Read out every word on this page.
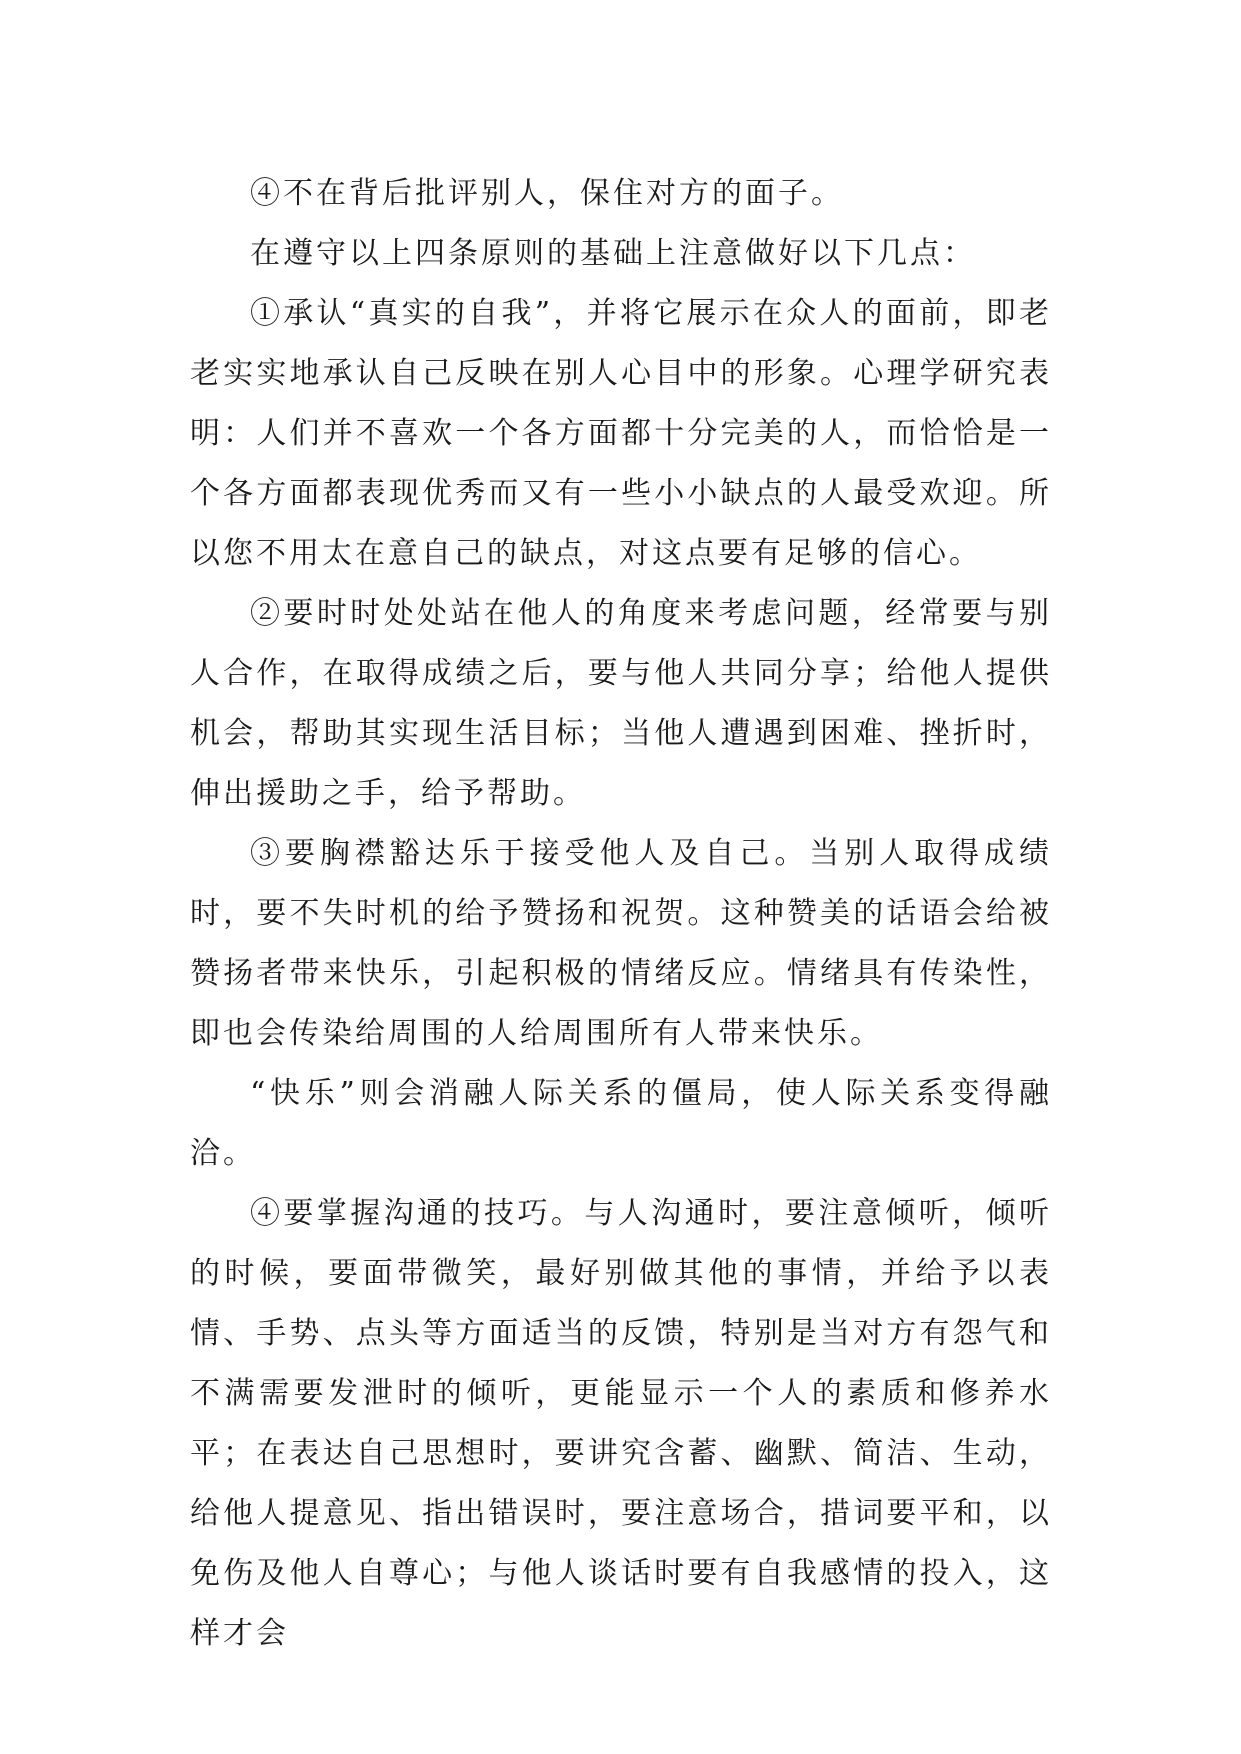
④不在背后批评别人，保住对方的面子。

在遵守以上四条原则的基础上注意做好以下几点：

①承认“真实的自我”，并将它展示在众人的面前，即老老实实地承认自己反映在别人心目中的形象。心理学研究表明：人们并不喜欢一个各方面都十分完美的人，而恰恰是一个各方面都表现优秀而又有一些小小缺点的人最受欢迎。所以您不用太在意自己的缺点，对这点要有足够的信心。

②要时时处处站在他人的角度来考虑问题，经常要与别人合作，在取得成绩之后，要与他人共同分享；给他人提供机会，帮助其实现生活目标；当他人遭遇到困难、挫折时，伸出援助之手，给予帮助。

③要胸襟豁达乐于接受他人及自己。当别人取得成绩时，要不失时机的给予赞扬和祝贺。这种赞美的话语会给被赞扬者带来快乐，引起积极的情绪反应。情绪具有传染性，即也会传染给周围的人给周围所有人带来快乐。

“快乐”则会消融人际关系的僵局，使人际关系变得融洽。

④要掌握沟通的技巧。与人沟通时，要注意倾听，倾听的时候，要面带微笑，最好别做其他的事情，并给予以表情、手势、点头等方面适当的反馈，特别是当对方有怨气和不满需要发泄时的倾听，更能显示一个人的素质和修养水平；在表达自己思想时，要讲究含蓄、幽默、简洁、生动，给他人提意见、指出错误时，要注意场合，措词要平和，以免伤及他人自尊心；与他人谈话时要有自我感情的投入，这样才会
